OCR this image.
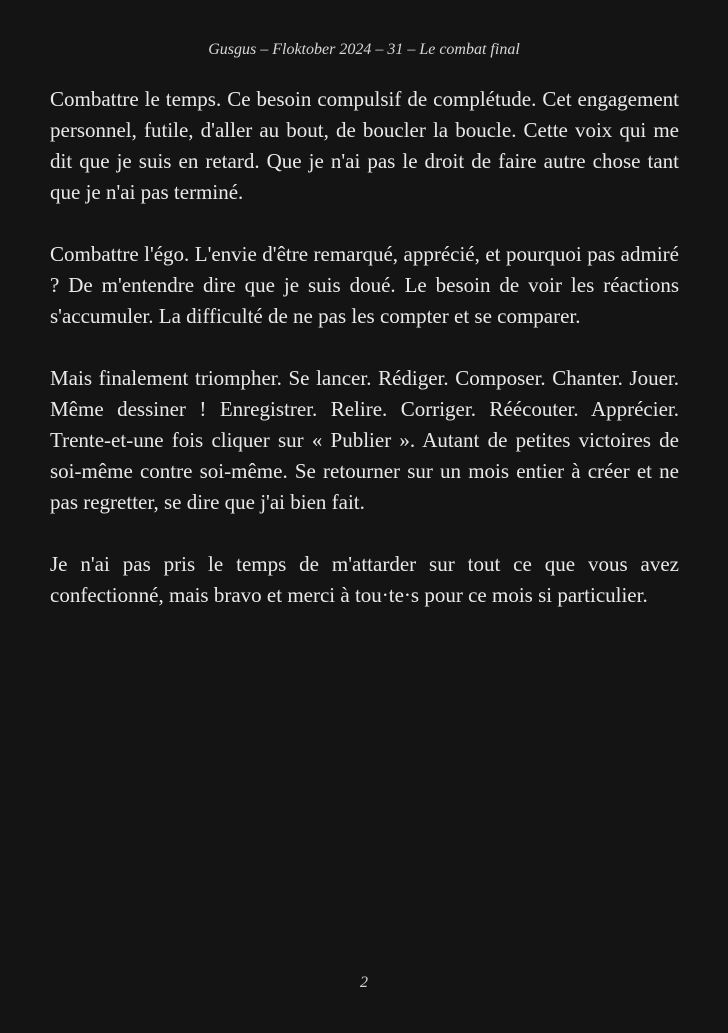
Gusgus – Floktober 2024 – 31 – Le combat final

Combattre le temps. Ce besoin compulsif de complétude. Cet engagement personnel, futile, d'aller au bout, de boucler la boucle. Cette voix qui me dit que je suis en retard. Que je n'ai pas le droit de faire autre chose tant que je n'ai pas terminé.

Combattre l'égo. L'envie d'être remarqué, apprécié, et pourquoi pas admiré ? De m'entendre dire que je suis doué. Le besoin de voir les réactions s'accumuler. La difficulté de ne pas les compter et se comparer.

Mais finalement triompher. Se lancer. Rédiger. Composer. Chanter. Jouer. Même dessiner ! Enregistrer. Relire. Corriger. Réécouter. Apprécier. Trente-et-une fois cliquer sur « Publier ». Autant de petites victoires de soi-même contre soi-même. Se retourner sur un mois entier à créer et ne pas regretter, se dire que j'ai bien fait.

Je n'ai pas pris le temps de m'attarder sur tout ce que vous avez confectionné, mais bravo et merci à tou·te·s pour ce mois si particulier.

2
